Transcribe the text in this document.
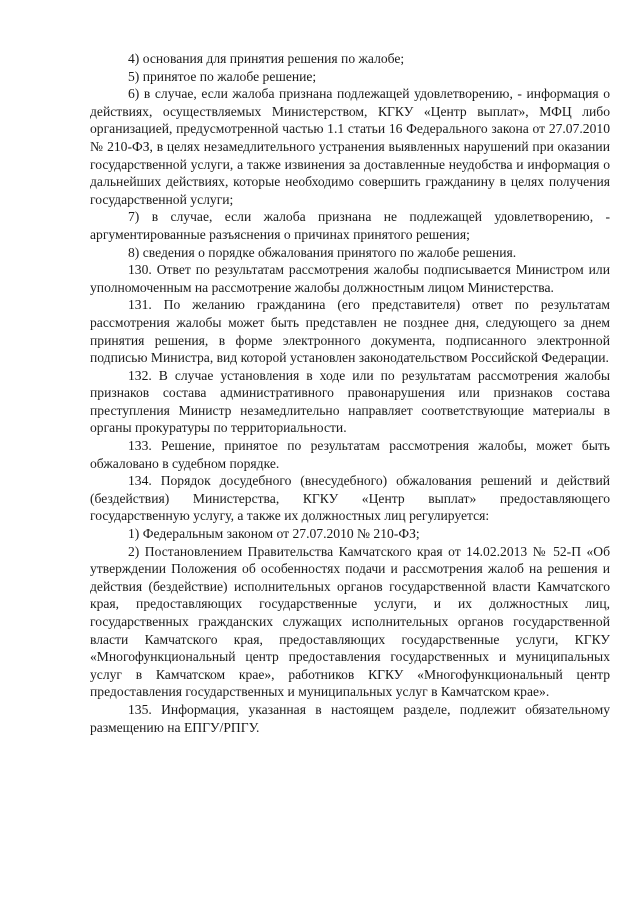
4) основания для принятия решения по жалобе;

5) принятое по жалобе решение;

6) в случае, если жалоба признана подлежащей удовлетворению, - информация о действиях, осуществляемых Министерством, КГКУ «Центр выплат», МФЦ либо организацией, предусмотренной частью 1.1 статьи 16 Федерального закона от 27.07.2010 № 210-ФЗ, в целях незамедлительного устранения выявленных нарушений при оказании государственной услуги, а также извинения за доставленные неудобства и информация о дальнейших действиях, которые необходимо совершить гражданину в целях получения государственной услуги;

7) в случае, если жалоба признана не подлежащей удовлетворению, - аргументированные разъяснения о причинах принятого решения;

8) сведения о порядке обжалования принятого по жалобе решения.

130. Ответ по результатам рассмотрения жалобы подписывается Министром или уполномоченным на рассмотрение жалобы должностным лицом Министерства.

131. По желанию гражданина (его представителя) ответ по результатам рассмотрения жалобы может быть представлен не позднее дня, следующего за днем принятия решения, в форме электронного документа, подписанного электронной подписью Министра, вид которой установлен законодательством Российской Федерации.

132. В случае установления в ходе или по результатам рассмотрения жалобы признаков состава административного правонарушения или признаков состава преступления Министр незамедлительно направляет соответствующие материалы в органы прокуратуры по территориальности.

133. Решение, принятое по результатам рассмотрения жалобы, может быть обжаловано в судебном порядке.

134. Порядок досудебного (внесудебного) обжалования решений и действий (бездействия) Министерства, КГКУ «Центр выплат» предоставляющего государственную услугу, а также их должностных лиц регулируется:

1) Федеральным законом от 27.07.2010 № 210-ФЗ;

2) Постановлением Правительства Камчатского края от 14.02.2013 № 52-П «Об утверждении Положения об особенностях подачи и рассмотрения жалоб на решения и действия (бездействие) исполнительных органов государственной власти Камчатского края, предоставляющих государственные услуги, и их должностных лиц, государственных гражданских служащих исполнительных органов государственной власти Камчатского края, предоставляющих государственные услуги, КГКУ «Многофункциональный центр предоставления государственных и муниципальных услуг в Камчатском крае», работников КГКУ «Многофункциональный центр предоставления государственных и муниципальных услуг в Камчатском крае».

135. Информация, указанная в настоящем разделе, подлежит обязательному размещению на ЕПГУ/РПГУ.
